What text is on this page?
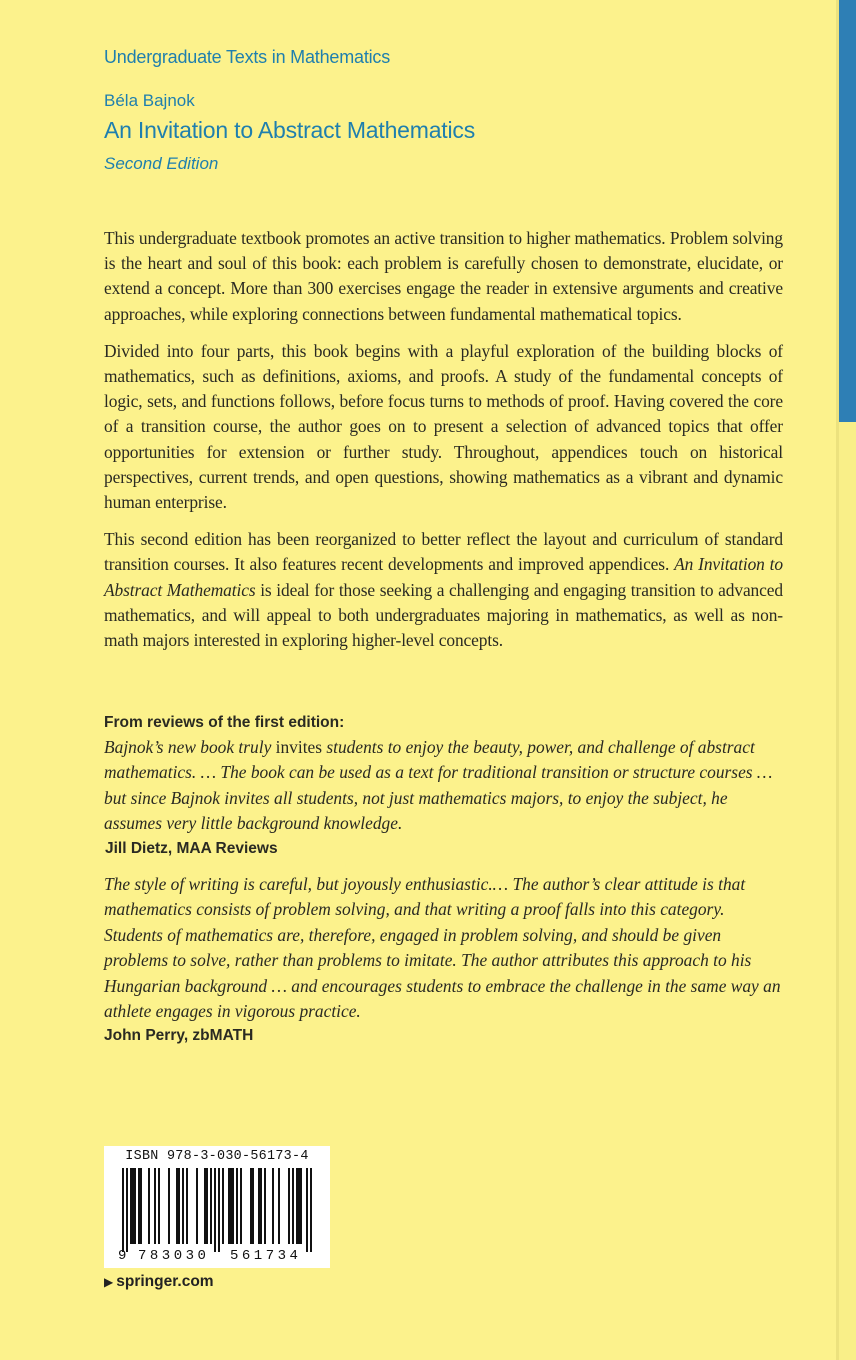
Undergraduate Texts in Mathematics
Béla Bajnok
An Invitation to Abstract Mathematics
Second Edition

This undergraduate textbook promotes an active transition to higher mathematics. Problem solving is the heart and soul of this book: each problem is carefully chosen to demonstrate, elucidate, or extend a concept. More than 300 exercises engage the reader in extensive arguments and creative approaches, while exploring connections between fundamental mathematical topics.

Divided into four parts, this book begins with a playful exploration of the building blocks of mathematics, such as definitions, axioms, and proofs. A study of the fundamental concepts of logic, sets, and functions follows, before focus turns to methods of proof. Having covered the core of a transition course, the author goes on to present a selection of advanced topics that offer opportunities for extension or further study. Throughout, appendices touch on historical perspectives, current trends, and open questions, showing mathematics as a vibrant and dynamic human enterprise.

This second edition has been reorganized to better reflect the layout and curriculum of standard transition courses. It also features recent developments and improved appendices. An Invitation to Abstract Mathematics is ideal for those seeking a challenging and engaging transition to advanced mathematics, and will appeal to both undergraduates majoring in mathematics, as well as non-math majors interested in exploring higher-level concepts.

From reviews of the first edition:
Bajnok’s new book truly invites students to enjoy the beauty, power, and challenge of abstract mathematics. … The book can be used as a text for traditional transition or structure courses … but since Bajnok invites all students, not just mathematics majors, to enjoy the subject, he assumes very little background knowledge.
Jill Dietz, MAA Reviews
The style of writing is careful, but joyously enthusiastic.… The author’s clear attitude is that mathematics consists of problem solving, and that writing a proof falls into this category. Students of mathematics are, therefore, engaged in problem solving, and should be given problems to solve, rather than problems to imitate. The author attributes this approach to his Hungarian background … and encourages students to embrace the challenge in the same way an athlete engages in vigorous practice.
John Perry, zbMATH
ISBN 978-3-030-56173-4
9 783030 561734
▶ springer.com
